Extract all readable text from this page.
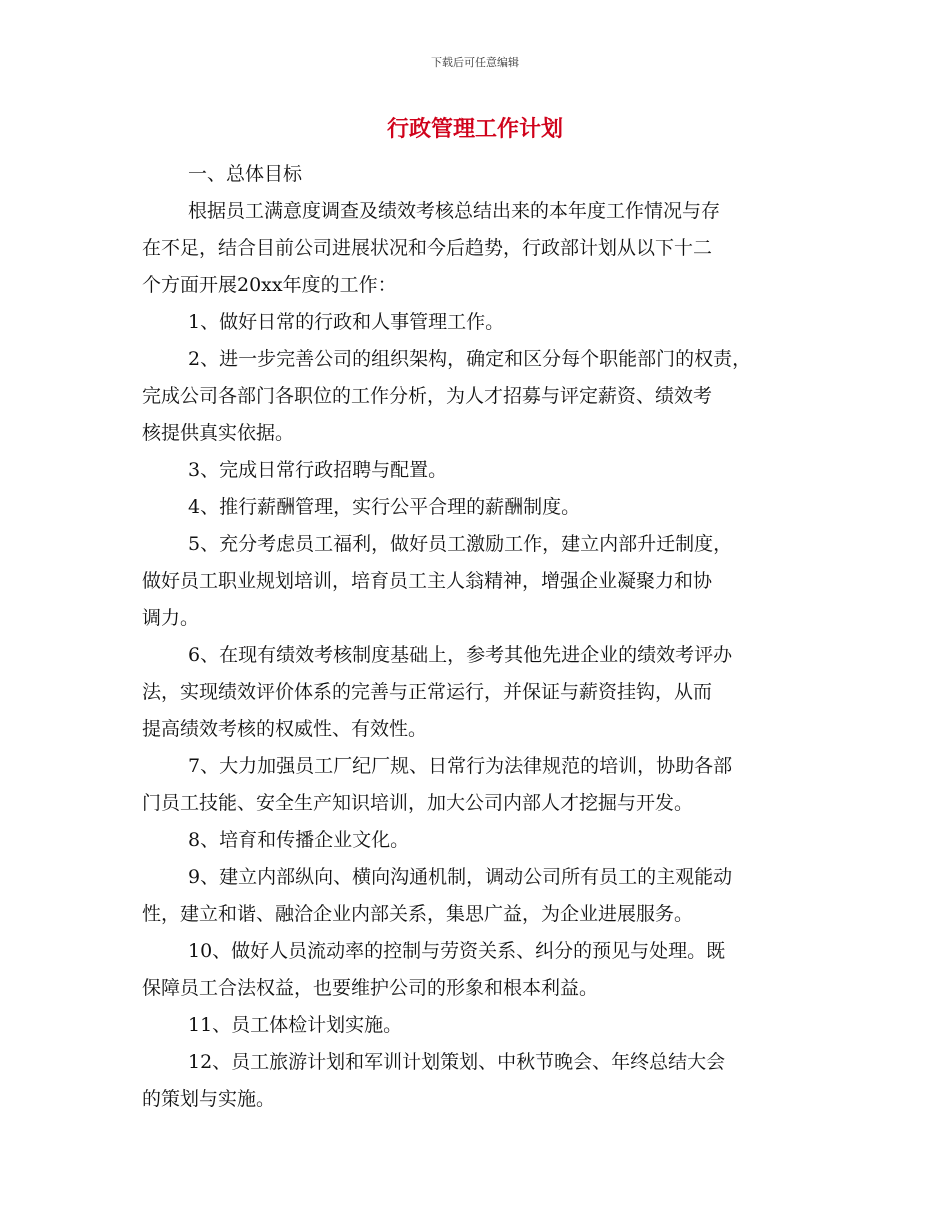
下载后可任意编辑
行政管理工作计划
一、总体目标
根据员工满意度调查及绩效考核总结出来的本年度工作情况与存
在不足，结合目前公司进展状况和今后趋势，行政部计划从以下十二
个方面开展20xx年度的工作：
1、做好日常的行政和人事管理工作。
2、进一步完善公司的组织架构，确定和区分每个职能部门的权责，
完成公司各部门各职位的工作分析，为人才招募与评定薪资、绩效考
核提供真实依据。
3、完成日常行政招聘与配置。
4、推行薪酬管理，实行公平合理的薪酬制度。
5、充分考虑员工福利，做好员工激励工作，建立内部升迁制度，
做好员工职业规划培训，培育员工主人翁精神，增强企业凝聚力和协
调力。
6、在现有绩效考核制度基础上，参考其他先进企业的绩效考评办
法，实现绩效评价体系的完善与正常运行，并保证与薪资挂钩，从而
提高绩效考核的权威性、有效性。
7、大力加强员工厂纪厂规、日常行为法律规范的培训，协助各部
门员工技能、安全生产知识培训，加大公司内部人才挖掘与开发。
8、培育和传播企业文化。
9、建立内部纵向、横向沟通机制，调动公司所有员工的主观能动
性，建立和谐、融洽企业内部关系，集思广益，为企业进展服务。
10、做好人员流动率的控制与劳资关系、纠分的预见与处理。既
保障员工合法权益，也要维护公司的形象和根本利益。
11、员工体检计划实施。
12、员工旅游计划和军训计划策划、中秋节晚会、年终总结大会
的策划与实施。
